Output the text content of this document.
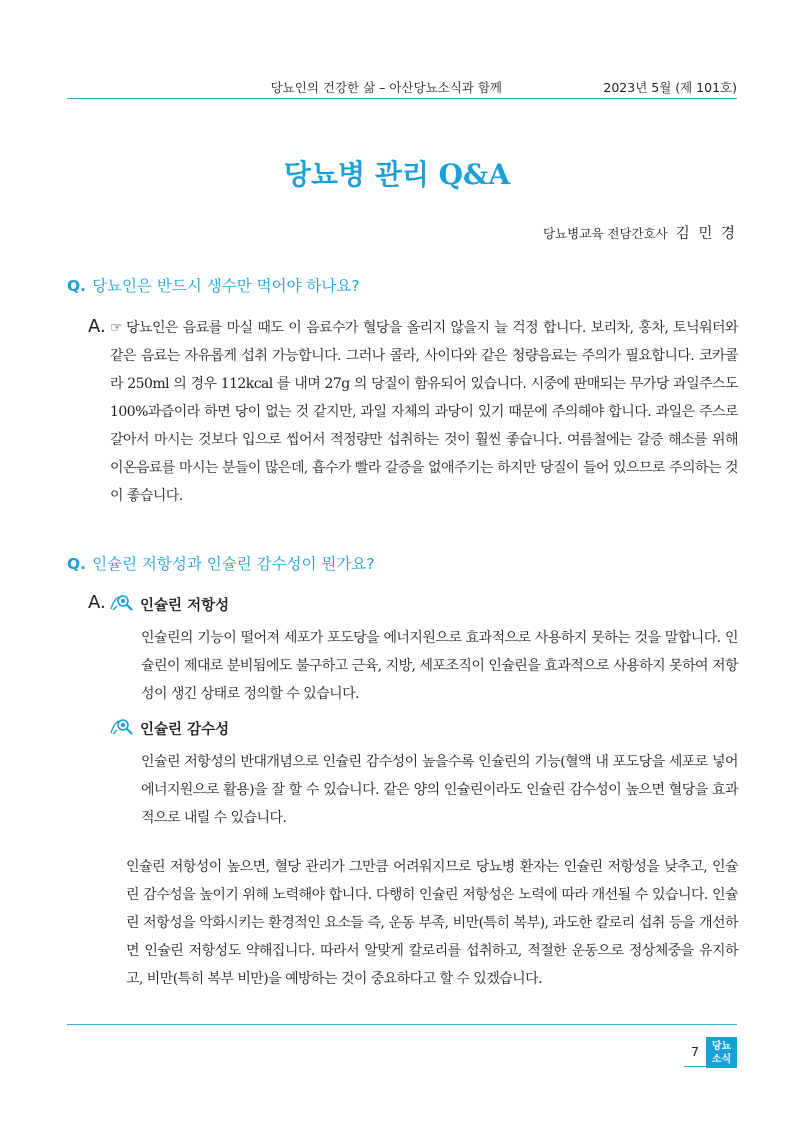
당뇨인의 건강한 삶 – 아산당뇨소식과 함께	2023년 5월 (제 101호)
당뇨병 관리 Q&A
당뇨병교육 전담간호사 김 민 경
Q. 당뇨인은 반드시 생수만 먹어야 하나요?
A. ☞ 당뇨인은 음료를 마실 때도 이 음료수가 혈당을 올리지 않을지 늘 걱정 합니다. 보리차, 홍차, 토닉워터와 같은 음료는 자유롭게 섭취 가능합니다. 그러나 콜라, 사이다와 같은 청량음료는 주의가 필요합니다. 코카콜라 250ml 의 경우 112kcal 를 내며 27g 의 당질이 함유되어 있습니다. 시중에 판매되는 무가당 과일주스도 100%과즙이라 하면 당이 없는 것 같지만, 과일 자체의 과당이 있기 때문에 주의해야 합니다. 과일은 주스로 갈아서 마시는 것보다 입으로 씹어서 적정량만 섭취하는 것이 훨씬 좋습니다. 여름철에는 갈증 해소를 위해 이온음료를 마시는 분들이 많은데, 흡수가 빨라 갈증을 없애주기는 하지만 당질이 들어 있으므로 주의하는 것이 좋습니다.
Q. 인슐린 저항성과 인슐린 감수성이 뭔가요?
A. 인슐린 저항성
인슐린의 기능이 떨어져 세포가 포도당을 에너지원으로 효과적으로 사용하지 못하는 것을 말합니다. 인슐린이 제대로 분비됨에도 불구하고 근육, 지방, 세포조직이 인슐린을 효과적으로 사용하지 못하여 저항성이 생긴 상태로 정의할 수 있습니다.
인슐린 감수성
인슐린 저항성의 반대개념으로 인슐린 감수성이 높을수록 인슐린의 기능(혈액 내 포도당을 세포로 넣어 에너지원으로 활용)을 잘 할 수 있습니다. 같은 양의 인슐린이라도 인슐린 감수성이 높으면 혈당을 효과적으로 내릴 수 있습니다.
인슐린 저항성이 높으면, 혈당 관리가 그만큼 어려워지므로 당뇨병 환자는 인슐린 저항성을 낮추고, 인슐린 감수성을 높이기 위해 노력해야 합니다. 다행히 인슐린 저항성은 노력에 따라 개선될 수 있습니다. 인슐린 저항성을 악화시키는 환경적인 요소들 즉, 운동 부족, 비만(특히 복부), 과도한 칼로리 섭취 등을 개선하면 인슐린 저항성도 약해집니다. 따라서 알맞게 칼로리를 섭취하고, 적절한 운동으로 정상체중을 유지하고, 비만(특히 복부 비만)을 예방하는 것이 중요하다고 할 수 있겠습니다.
7	당뇨
소식
